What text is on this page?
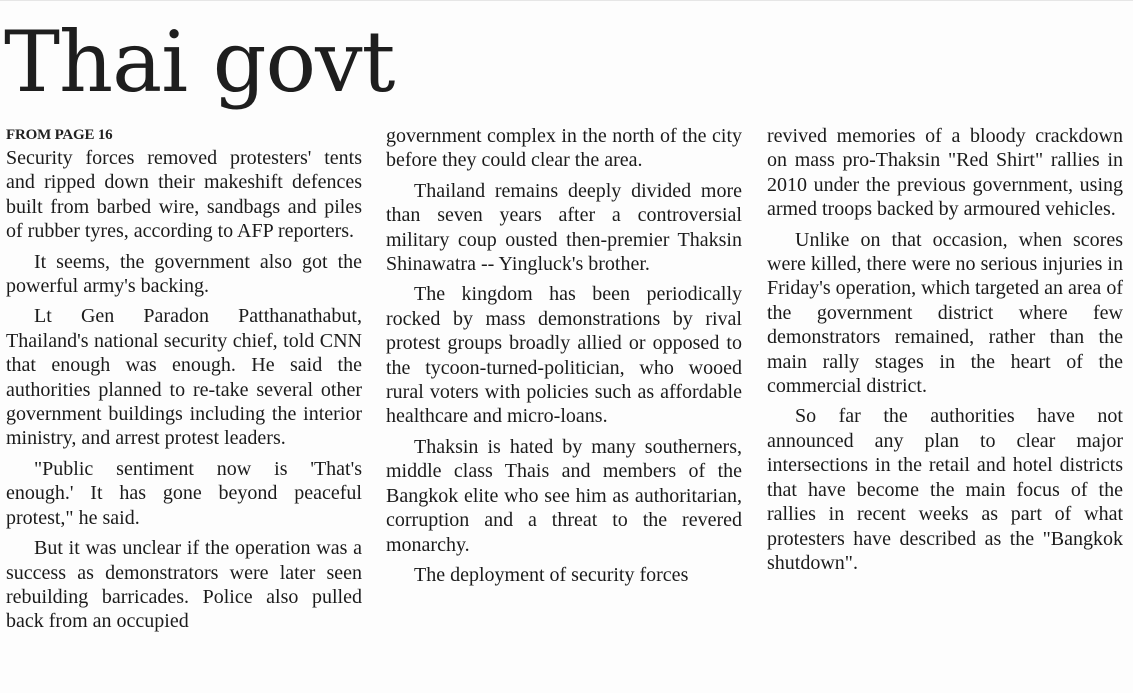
Thai govt

FROM PAGE 16

Security forces removed protesters' tents and ripped down their makeshift defences built from barbed wire, sandbags and piles of rubber tyres, according to AFP reporters.

It seems, the government also got the powerful army's backing.

Lt Gen Paradon Patthanathabut, Thailand's national security chief, told CNN that enough was enough. He said the authorities planned to re-take several other government buildings including the interior ministry, and arrest protest leaders.

"Public sentiment now is 'That's enough.' It has gone beyond peaceful protest," he said.

But it was unclear if the operation was a success as demonstrators were later seen rebuilding barricades. Police also pulled back from an occupied

government complex in the north of the city before they could clear the area.

Thailand remains deeply divided more than seven years after a controversial military coup ousted then-premier Thaksin Shinawatra -- Yingluck's brother.

The kingdom has been periodically rocked by mass demonstrations by rival protest groups broadly allied or opposed to the tycoon-turned-politician, who wooed rural voters with policies such as affordable healthcare and micro-loans.

Thaksin is hated by many southerners, middle class Thais and members of the Bangkok elite who see him as authoritarian, corruption and a threat to the revered monarchy.

The deployment of security forces

revived memories of a bloody crackdown on mass pro-Thaksin "Red Shirt" rallies in 2010 under the previous government, using armed troops backed by armoured vehicles.

Unlike on that occasion, when scores were killed, there were no serious injuries in Friday's operation, which targeted an area of the government district where few demonstrators remained, rather than the main rally stages in the heart of the commercial district.

So far the authorities have not announced any plan to clear major intersections in the retail and hotel districts that have become the main focus of the rallies in recent weeks as part of what protesters have described as the "Bangkok shutdown".
